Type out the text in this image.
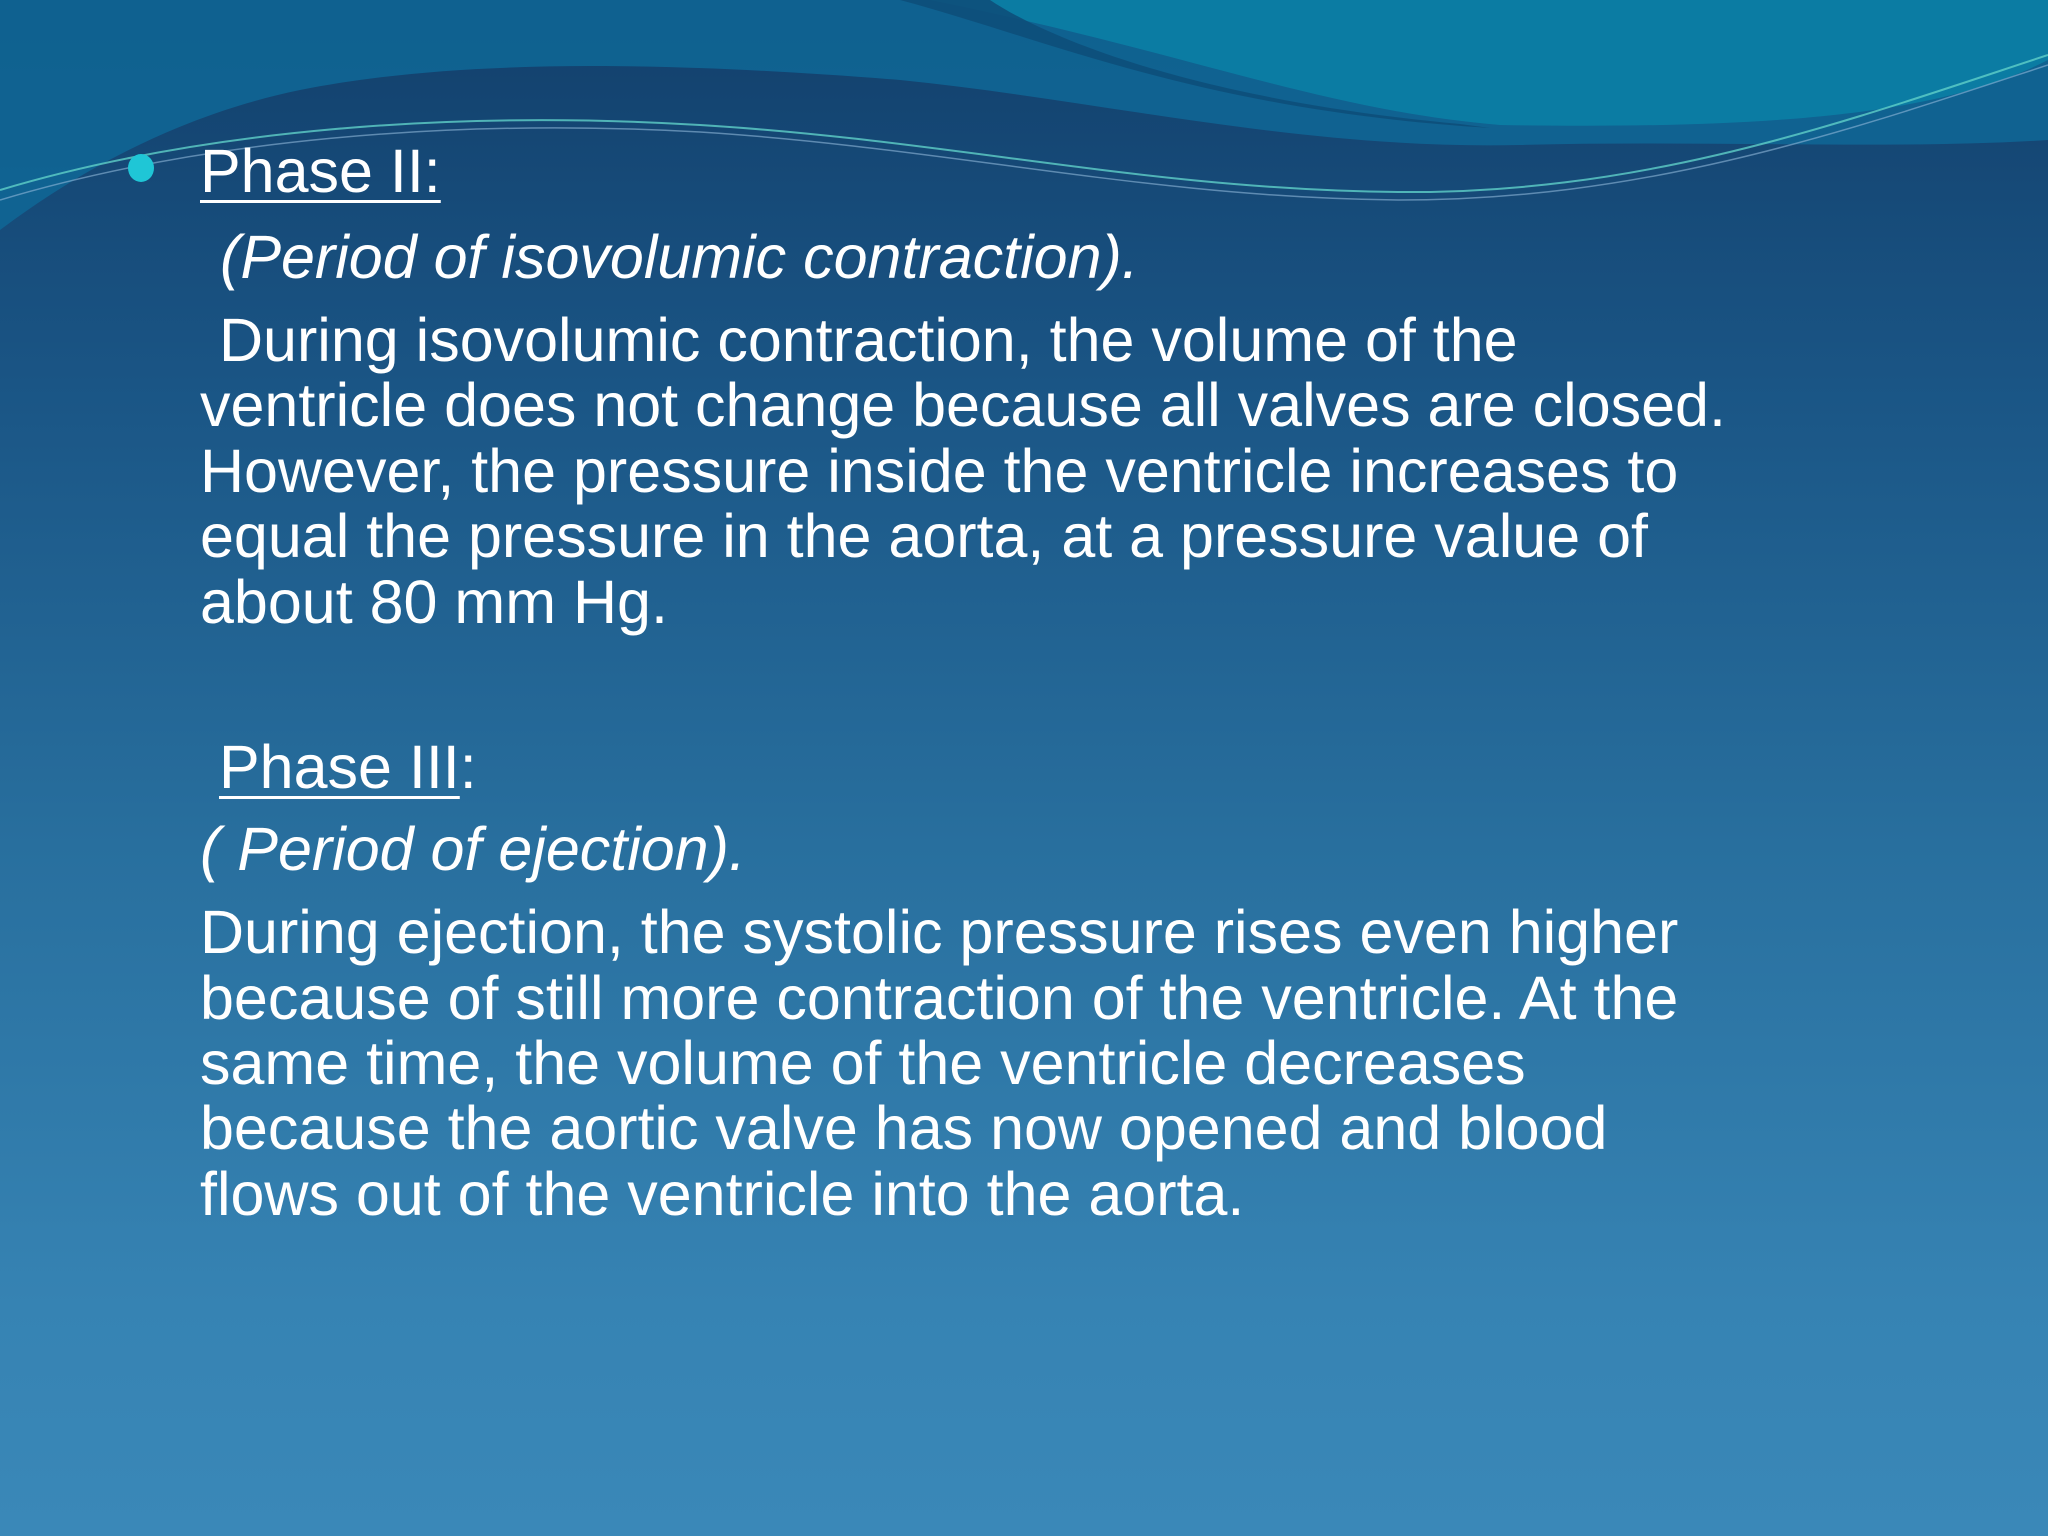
Phase II:
(Period of isovolumic contraction).
During isovolumic contraction, the volume of the
ventricle does not change because all valves are closed.
However, the pressure inside the ventricle increases to
equal the pressure in the aorta, at a pressure value of
about 80 mm Hg.
Phase III:
( Period of ejection).
During ejection, the systolic pressure rises even higher
because of still more contraction of the ventricle. At the
same time, the volume of the ventricle decreases
because the aortic valve has now opened and blood
flows out of the ventricle into the aorta.
